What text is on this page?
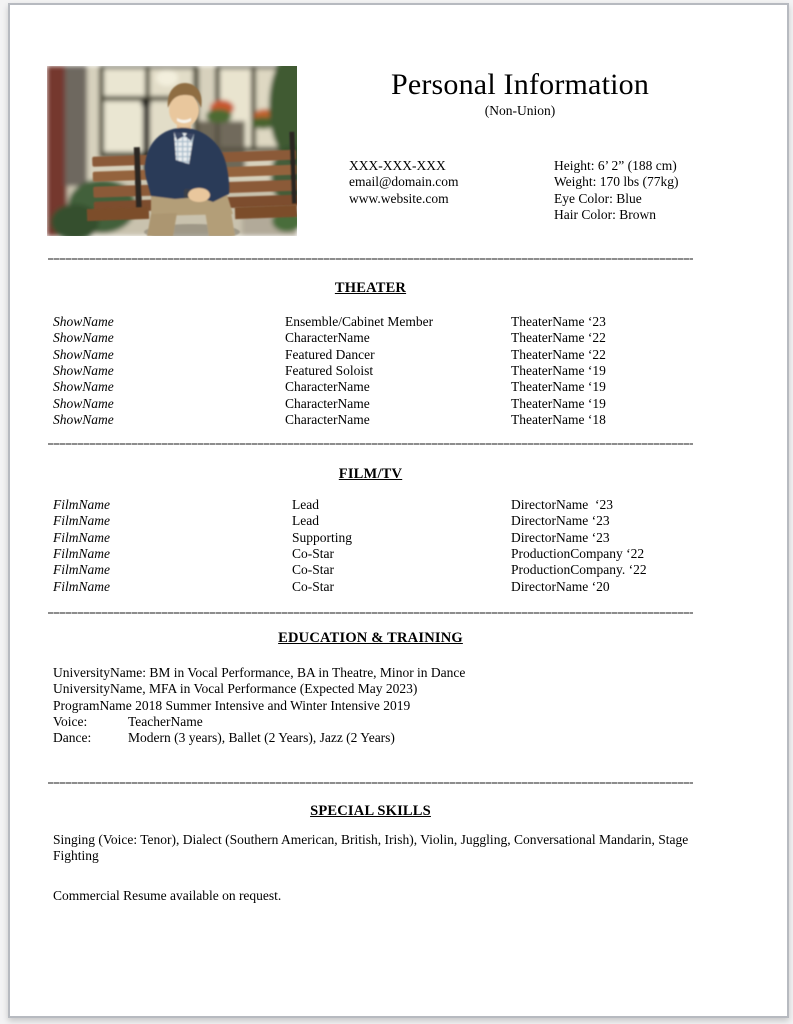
Personal Information
(Non-Union)
XXX-XXX-XXX
email@domain.com
www.website.com
Height: 6’ 2” (188 cm)
Weight: 170 lbs (77kg)
Eye Color: Blue
Hair Color: Brown
THEATER
ShowName	Ensemble/Cabinet Member	TheaterName ‘23
ShowName	CharacterName	TheaterName ‘22
ShowName	Featured Dancer	TheaterName ‘22
ShowName	Featured Soloist	TheaterName ‘19
ShowName	CharacterName	TheaterName ‘19
ShowName	CharacterName	TheaterName ‘19
ShowName	CharacterName	TheaterName ‘18
FILM/TV
FilmName	Lead	DirectorName  ‘23
FilmName	Lead	DirectorName ‘23
FilmName	Supporting	DirectorName ‘23
FilmName	Co-Star	ProductionCompany ‘22
FilmName	Co-Star	ProductionCompany. ‘22
FilmName	Co-Star	DirectorName ‘20
EDUCATION & TRAINING
UniversityName: BM in Vocal Performance, BA in Theatre, Minor in Dance
UniversityName, MFA in Vocal Performance (Expected May 2023)
ProgramName 2018 Summer Intensive and Winter Intensive 2019
Voice:	TeacherName
Dance:	Modern (3 years), Ballet (2 Years), Jazz (2 Years)
SPECIAL SKILLS
Singing (Voice: Tenor), Dialect (Southern American, British, Irish), Violin, Juggling, Conversational Mandarin, Stage Fighting
Commercial Resume available on request.
